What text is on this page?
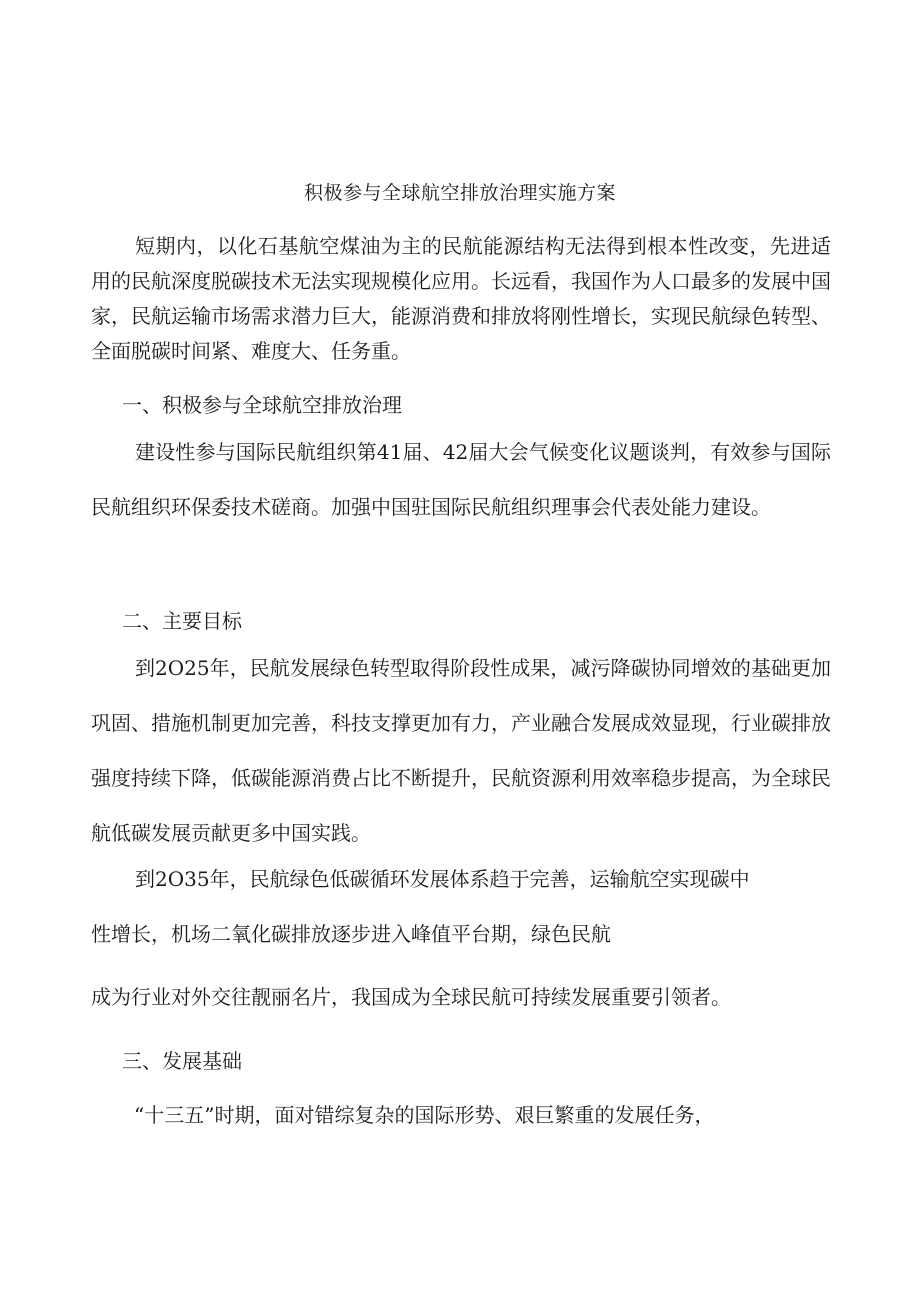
积极参与全球航空排放治理实施方案

短期内，以化石基航空煤油为主的民航能源结构无法得到根本性改变，先进适用的民航深度脱碳技术无法实现规模化应用。长远看，我国作为人口最多的发展中国家，民航运输市场需求潜力巨大，能源消费和排放将刚性增长，实现民航绿色转型、全面脱碳时间紧、难度大、任务重。

一、积极参与全球航空排放治理

建设性参与国际民航组织第41届、42届大会气候变化议题谈判，有效参与国际民航组织环保委技术磋商。加强中国驻国际民航组织理事会代表处能力建设。

二、主要目标

到2O25年，民航发展绿色转型取得阶段性成果，减污降碳协同增效的基础更加巩固、措施机制更加完善，科技支撑更加有力，产业融合发展成效显现，行业碳排放强度持续下降，低碳能源消费占比不断提升，民航资源利用效率稳步提高，为全球民航低碳发展贡献更多中国实践。

到2O35年，民航绿色低碳循环发展体系趋于完善，运输航空实现碳中

性增长，机场二氧化碳排放逐步进入峰值平台期，绿色民航

成为行业对外交往靓丽名片，我国成为全球民航可持续发展重要引领者。

三、发展基础

“十三五”时期，面对错综复杂的国际形势、艰巨繁重的发展任务，
